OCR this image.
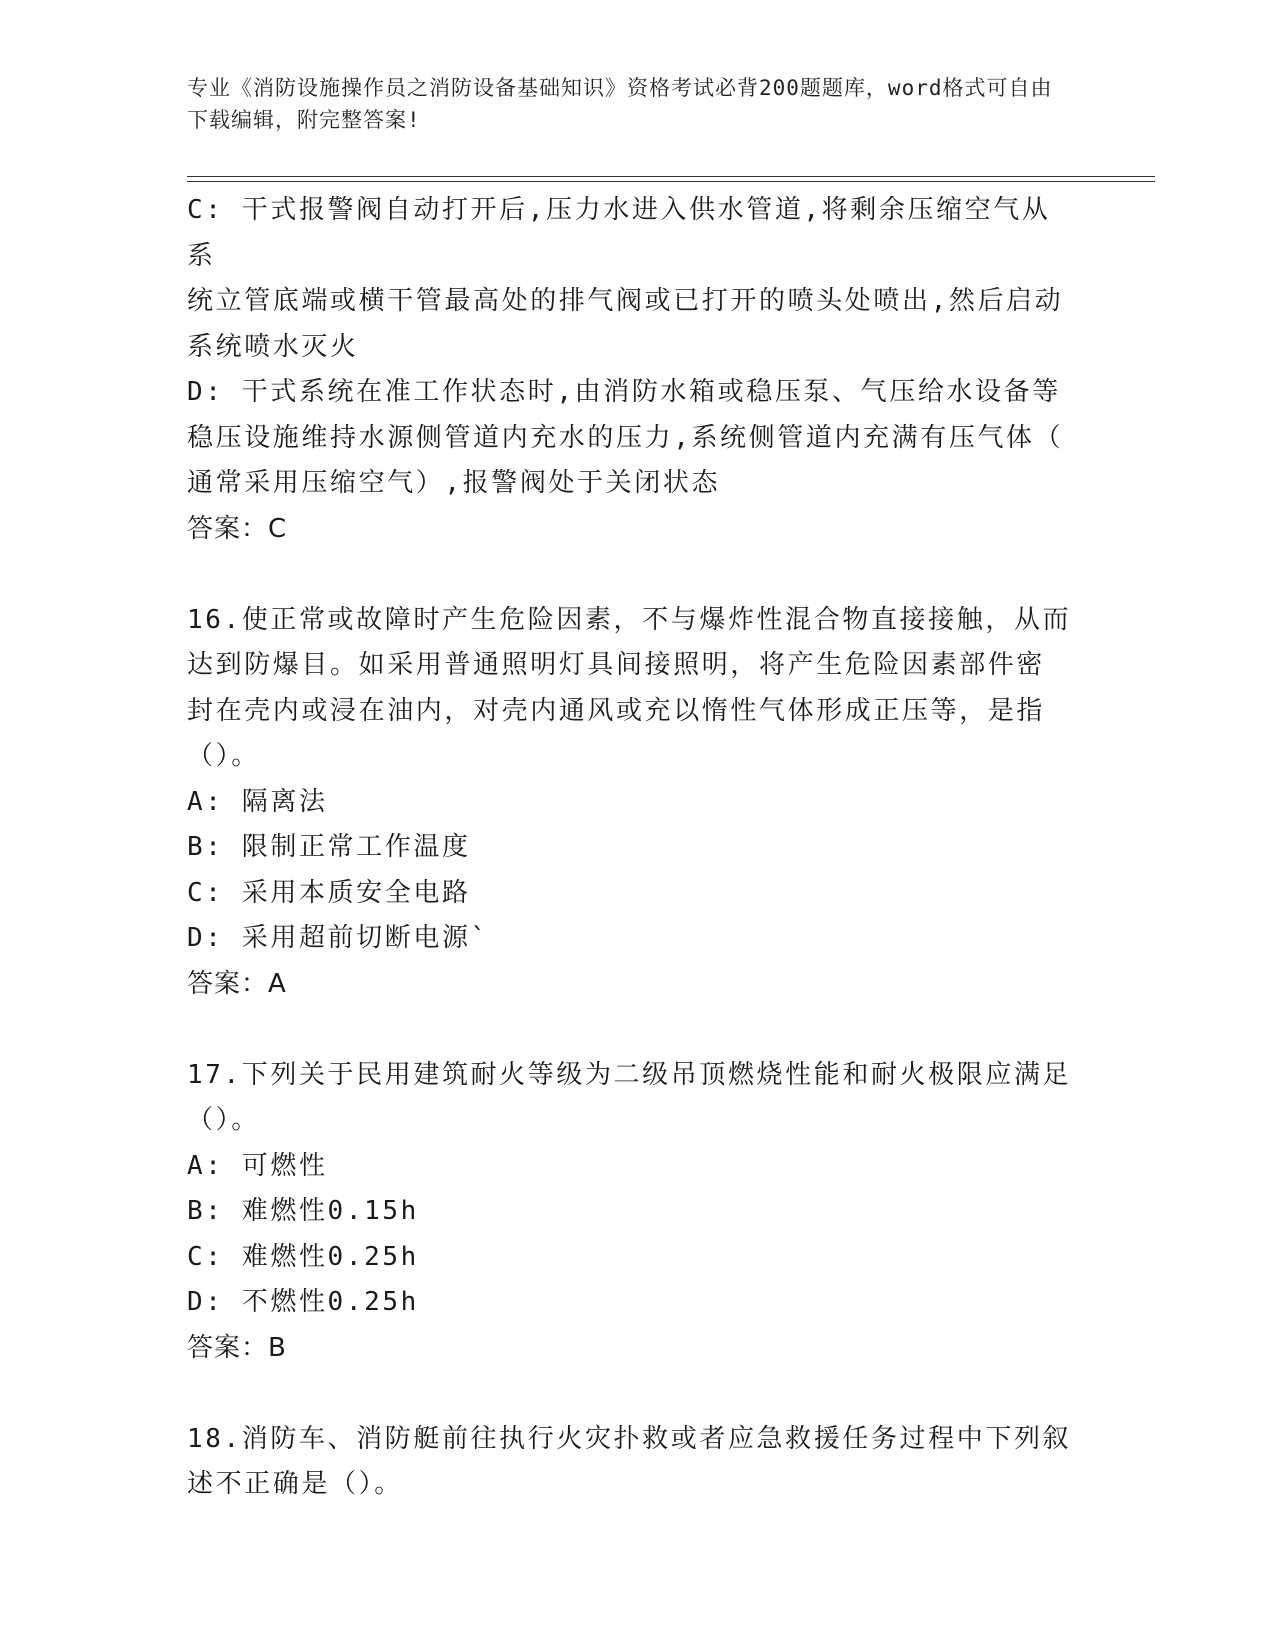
专业《消防设施操作员之消防设备基础知识》资格考试必背200题题库，word格式可自由下载编辑，附完整答案!

C: 干式报警阀自动打开后,压力水进入供水管道,将剩余压缩空气从系

统立管底端或横干管最高处的排气阀或已打开的喷头处喷出,然后启动

系统喷水灭火

D: 干式系统在准工作状态时,由消防水箱或稳压泵、气压给水设备等

稳压设施维持水源侧管道内充水的压力,系统侧管道内充满有压气体（

通常采用压缩空气）,报警阀处于关闭状态

答案：C

16.使正常或故障时产生危险因素，不与爆炸性混合物直接接触，从而

达到防爆目。如采用普通照明灯具间接照明，将产生危险因素部件密

封在壳内或浸在油内，对壳内通风或充以惰性气体形成正压等，是指

（）。

A: 隔离法

B: 限制正常工作温度

C: 采用本质安全电路

D: 采用超前切断电源`

答案：A

17.下列关于民用建筑耐火等级为二级吊顶燃烧性能和耐火极限应满足

（）。

A: 可燃性

B: 难燃性0.15h

C: 难燃性0.25h

D: 不燃性0.25h

答案：B

18.消防车、消防艇前往执行火灾扑救或者应急救援任务过程中下列叙

述不正确是（）。
